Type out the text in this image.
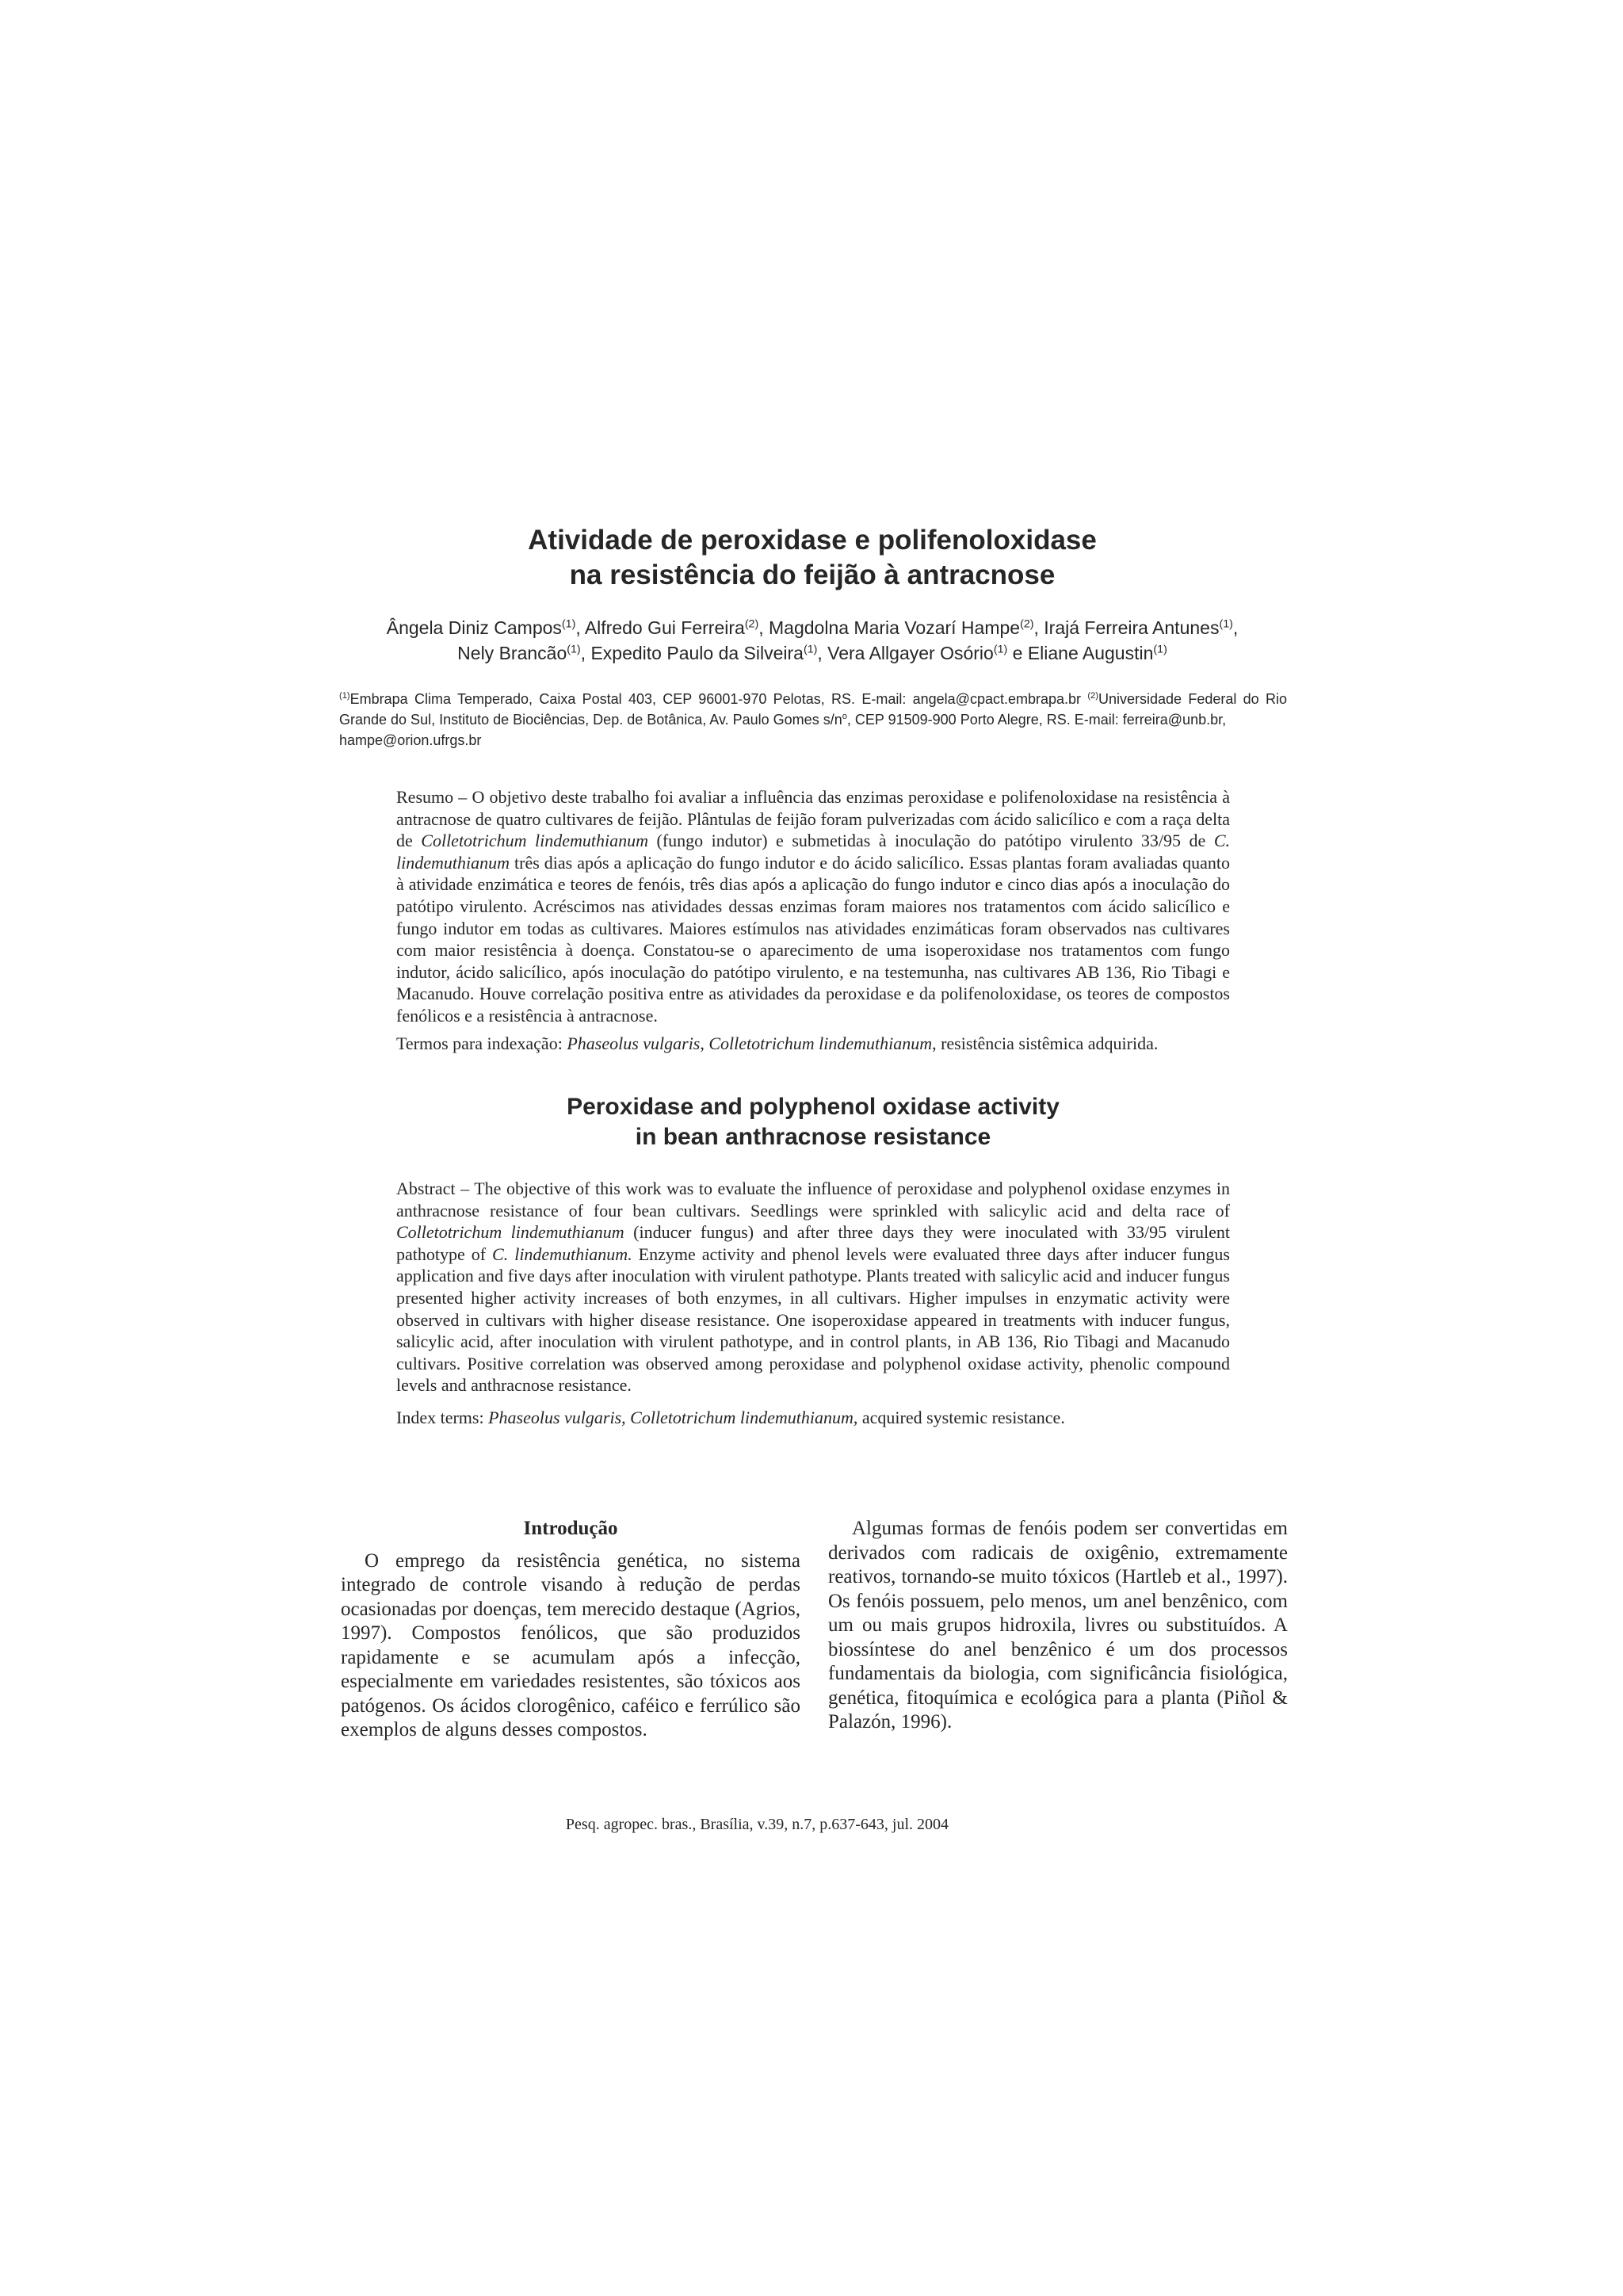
Atividade de peroxidase e polifenoloxidase
na resistência do feijão à antracnose
Ângela Diniz Campos$^{(1)}$, Alfredo Gui Ferreira$^{(2)}$, Magdolna Maria Vozarí Hampe$^{(2)}$, Irajá Ferreira Antunes$^{(1)}$,
Nely Brancão$^{(1)}$, Expedito Paulo da Silveira$^{(1)}$, Vera Allgayer Osório$^{(1)}$ e Eliane Augustin$^{(1)}$
$^{(1)}$Embrapa Clima Temperado, Caixa Postal 403, CEP 96001-970 Pelotas, RS. E-mail: angela@cpact.embrapa.br $^{(2)}$Universidade Federal do Rio Grande do Sul, Instituto de Biociências, Dep. de Botânica, Av. Paulo Gomes $s/n^o$, CEP 91509-900 Porto Alegre, RS. E-mail: ferreira@unb.br,
hampe@orion.ufrgs.br
Resumo – O objetivo deste trabalho foi avaliar a influência das enzimas peroxidase e polifenoloxidase na resistência à antracnose de quatro cultivares de feijão. Plântulas de feijão foram pulverizadas com ácido salicílico e com a raça delta de Colletotrichum lindemuthianum (fungo indutor) e submetidas à inoculação do patótipo virulento 33/95 de C. lindemuthianum três dias após a aplicação do fungo indutor e do ácido salicílico. Essas plantas foram avaliadas quanto à atividade enzimática e teores de fenóis, três dias após a aplicação do fungo indutor e cinco dias após a inoculação do patótipo virulento. Acréscimos nas atividades dessas enzimas foram maiores nos tratamentos com ácido salicílico e fungo indutor em todas as cultivares. Maiores estímulos nas atividades enzimáticas foram observados nas cultivares com maior resistência à doença. Constatou-se o aparecimento de uma isoperoxidase nos tratamentos com fungo indutor, ácido salicílico, após inoculação do patótipo virulento, e na testemunha, nas cultivares AB 136, Rio Tibagi e Macanudo. Houve correlação positiva entre as atividades da peroxidase e da polifenoloxidase, os teores de compostos fenólicos e a resistência à antracnose.
Termos para indexação: Phaseolus vulgaris, Colletotrichum lindemuthianum, resistência sistêmica adquirida.
Peroxidase and polyphenol oxidase activity
in bean anthracnose resistance
Abstract – The objective of this work was to evaluate the influence of peroxidase and polyphenol oxidase enzymes in anthracnose resistance of four bean cultivars. Seedlings were sprinkled with salicylic acid and delta race of Colletotrichum lindemuthianum (inducer fungus) and after three days they were inoculated with 33/95 virulent pathotype of C. lindemuthianum. Enzyme activity and phenol levels were evaluated three days after inducer fungus application and five days after inoculation with virulent pathotype. Plants treated with salicylic acid and inducer fungus presented higher activity increases of both enzymes, in all cultivars. Higher impulses in enzymatic activity were observed in cultivars with higher disease resistance. One isoperoxidase appeared in treatments with inducer fungus, salicylic acid, after inoculation with virulent pathotype, and in control plants, in AB 136, Rio Tibagi and Macanudo cultivars. Positive correlation was observed among peroxidase and polyphenol oxidase activity, phenolic compound levels and anthracnose resistance.
Index terms: Phaseolus vulgaris, Colletotrichum lindemuthianum, acquired systemic resistance.
Introdução

O emprego da resistência genética, no sistema integrado de controle visando à redução de perdas ocasionadas por doenças, tem merecido destaque (Agrios, 1997). Compostos fenólicos, que são produzidos rapidamente e se acumulam após a infecção, especialmente em variedades resistentes, são tóxicos aos patógenos. Os ácidos clorogênico, caféico e ferrúlico são exemplos de alguns desses compostos.

Algumas formas de fenóis podem ser convertidas em derivados com radicais de oxigênio, extremamente reativos, tornando-se muito tóxicos (Hartleb et al., 1997). Os fenóis possuem, pelo menos, um anel benzênico, com um ou mais grupos hidroxila, livres ou substituídos. A biossíntese do anel benzênico é um dos processos fundamentais da biologia, com significância fisiológica, genética, fitoquímica e ecológica para a planta (Piñol & Palazón, 1996).

Pesq. agropec. bras., Brasília, v.39, n.7, p.637-643, jul. 2004
